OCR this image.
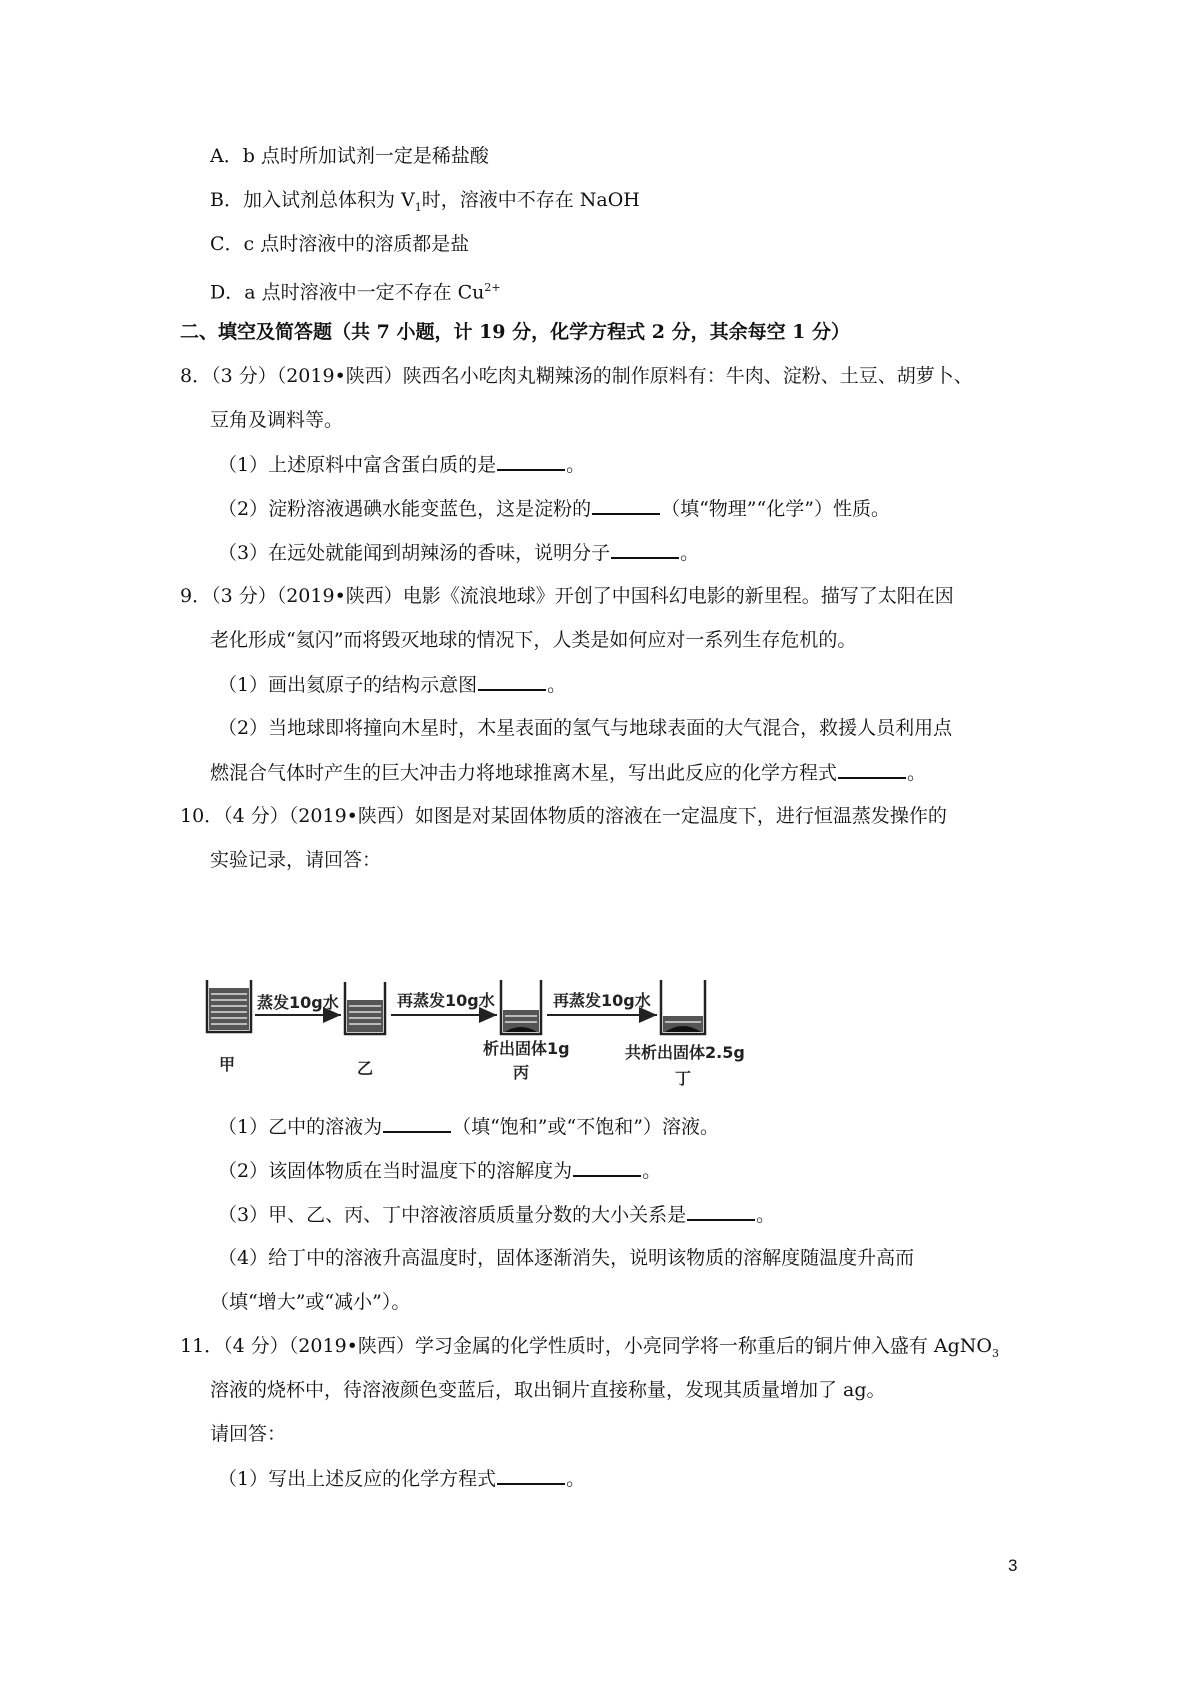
A．b 点时所加试剂一定是稀盐酸
B．加入试剂总体积为 $V_1$时，溶液中不存在 NaOH
C．c 点时溶液中的溶质都是盐
D．a 点时溶液中一定不存在 $Cu^{2+}$
二、填空及简答题（共 7 小题，计 19 分，化学方程式 2 分，其余每空 1 分）
8．（3 分）（2019•陕西）陕西名小吃肉丸糊辣汤的制作原料有：牛肉、淀粉、土豆、胡萝卜、
豆角及调料等。
（1）上述原料中富含蛋白质的是	。
（2）淀粉溶液遇碘水能变蓝色，这是淀粉的	（填“物理”“化学”）性质。
（3）在远处就能闻到胡辣汤的香味，说明分子	。
9．（3 分）（2019•陕西）电影《流浪地球》开创了中国科幻电影的新里程。描写了太阳在因
老化形成“氦闪”而将毁灭地球的情况下，人类是如何应对一系列生存危机的。
（1）画出氦原子的结构示意图	。
（2）当地球即将撞向木星时，木星表面的氢气与地球表面的大气混合，救援人员利用点
燃混合气体时产生的巨大冲击力将地球推离木星，写出此反应的化学方程式	。
10．（4 分）（2019•陕西）如图是对某固体物质的溶液在一定温度下，进行恒温蒸发操作的
实验记录，请回答：
蒸发10g水	再蒸发10g水	再蒸发10g水
析出固体1g	共析出固体2.5g
甲	乙	丙	丁
（1）乙中的溶液为	（填“饱和”或“不饱和”）溶液。
（2）该固体物质在当时温度下的溶解度为	。
（3）甲、乙、丙、丁中溶液溶质质量分数的大小关系是	。
（4）给丁中的溶液升高温度时，固体逐渐消失，说明该物质的溶解度随温度升高而
（填“增大”或“减小”）。
11．（4 分）（2019•陕西）学习金属的化学性质时，小亮同学将一称重后的铜片伸入盛有 AgNO$_3$
溶液的烧杯中，待溶液颜色变蓝后，取出铜片直接称量，发现其质量增加了 ag。
请回答：
（1）写出上述反应的化学方程式	。
3
